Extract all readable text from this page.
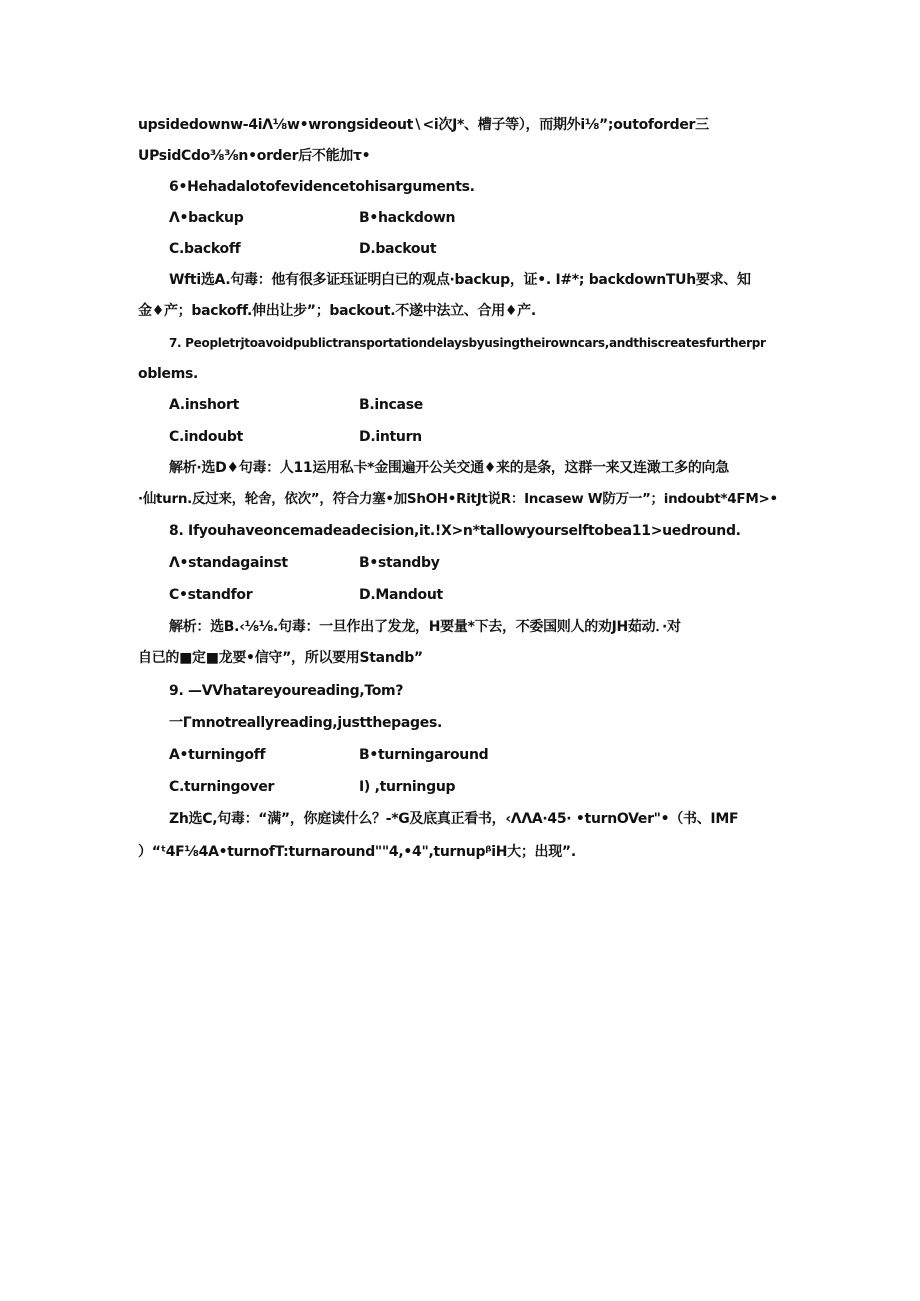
upsidedownw-4iΛ⅛w•wrongsideout∖<i次J*、槽子等），而期外i⅛”;outoforder三
UPsidCdo⅜⅜n•order后不能加τ•
6•Hehadalotofevidencetohisarguments.
Λ•backup	B•hackdown
C.backoff	D.backout
Wfti选A.句毒：他有很多证珏证明白已的观点·backup，证•. I#*; backdownTUh要求、知
金♦产；backoff.伸出让步”；backout.不遂中法立、合用♦产.
7. Peopletrjtoavoidpublictransportationdelaysbyusingtheirowncars,andthiscreatesfurtherpr
oblems.
A.inshort	B.incase
C.indoubt	D.inturn
解析·选D♦句毒：人11运用私卡*金围遍开公关交通♦来的是条，这群一来又连澉工多的向急
·仙turn.反过来，轮舍，依次”，符合力塞•加ShOH•RitJt说R：Incasew W防万一”；indoubt*4FM>•
8. Ifyouhaveoncemadeadecision,it.!X>n*tallowyourselftobea11>uedround.
Λ•standagainst	B•standby
C•standfor	D.Mandout
解析：选B.‹⅛⅛.句毒：一旦作出了发龙，H要量*下去，不委国则人的劝JH茹动．·对
自已的■定■龙要•信守”，所以要用Standb”
9. —VVhatareyoureading,Tom?
一Γmnotreallyreading,justthepages.
A•turningoff	B•turningaround
C.turningover	I) ,turningup
Zh选C,句毒：“满”，你庭读什么？-*G及底真正看书，‹ΛΛA·45· •turnOVer"•（书、IMF
）“ᵗ4F⅛4A•turnofT:turnaround""4,•4",turnupᵝiH大；出现”.
